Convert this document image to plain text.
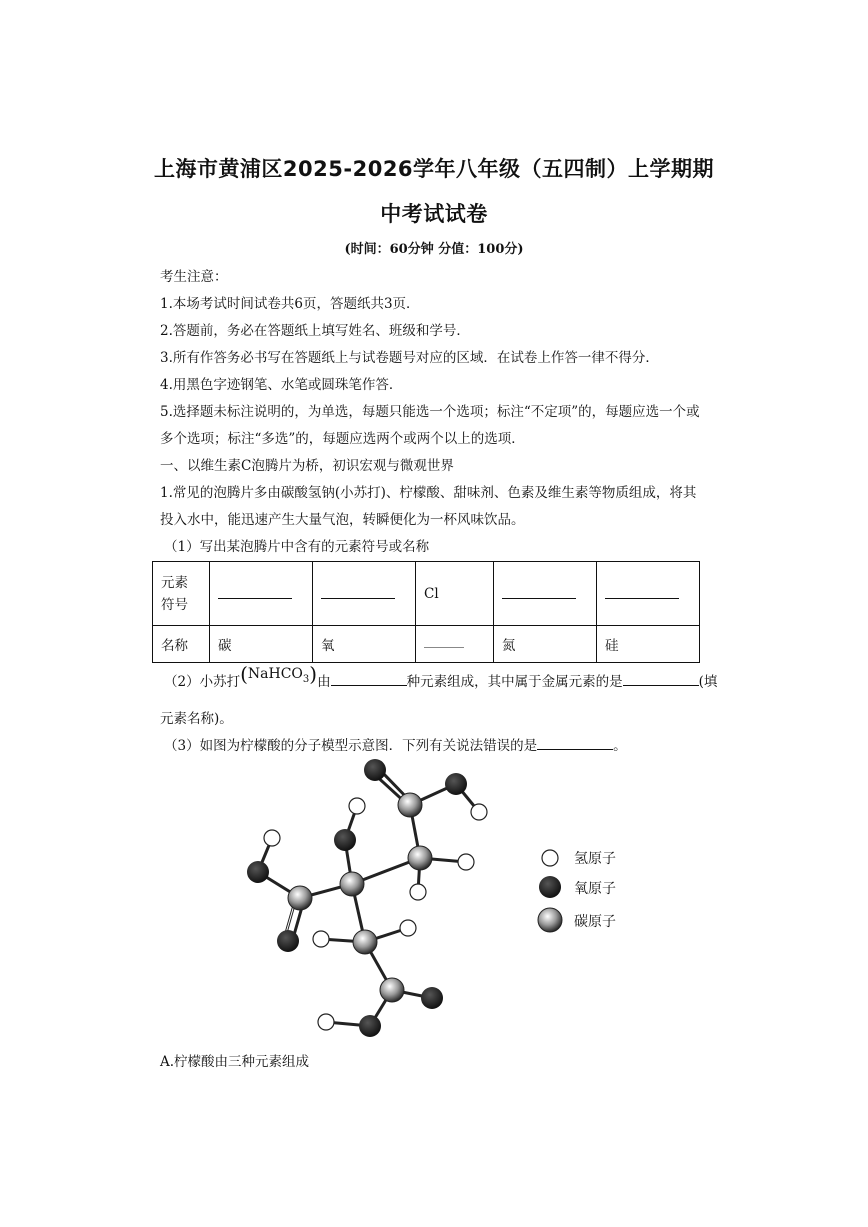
上海市黄浦区2025-2026学年八年级（五四制）上学期期
中考试试卷
(时间：60分钟 分值：100分)
考生注意：
1.本场考试时间试卷共6页，答题纸共3页．
2.答题前，务必在答题纸上填写姓名、班级和学号．
3.所有作答务必书写在答题纸上与试卷题号对应的区域．在试卷上作答一律不得分．
4.用黑色字迹钢笔、水笔或圆珠笔作答．
5.选择题未标注说明的，为单选，每题只能选一个选项；标注“不定项”的，每题应选一个或
多个选项；标注“多选”的，每题应选两个或两个以上的选项．
一、以维生素C泡腾片为桥，初识宏观与微观世界
1.常见的泡腾片多由碳酸氢钠(小苏打)、柠檬酸、甜味剂、色素及维生素等物质组成，将其
投入水中，能迅速产生大量气泡，转瞬便化为一杯风味饮品。
（1）写出某泡腾片中含有的元素符号或名称
元素
符号			Cl		
名称	碳	氧		氮	硅
（2）小苏打(NaHCO$_3$)由	种元素组成，其中属于金属元素的是	(填
元素名称)。
（3）如图为柠檬酸的分子模型示意图．下列有关说法错误的是	。
氢原子
氧原子
碳原子
A.柠檬酸由三种元素组成
